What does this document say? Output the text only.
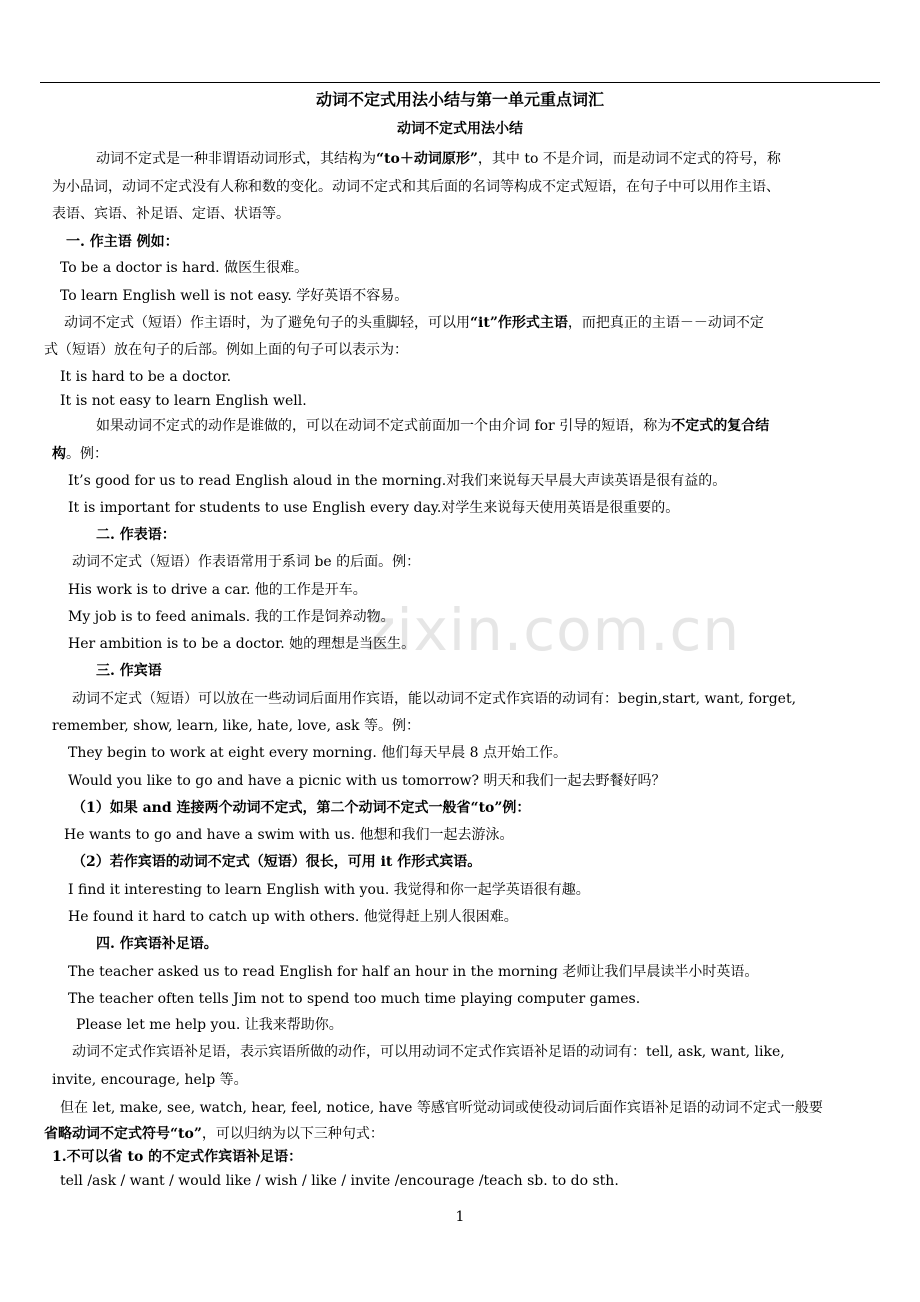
zixin.com.cn
动词不定式用法小结与第一单元重点词汇
动词不定式用法小结
动词不定式是一种非谓语动词形式，其结构为“to＋动词原形”，其中 to 不是介词，而是动词不定式的符号，称
为小品词，动词不定式没有人称和数的变化。动词不定式和其后面的名词等构成不定式短语，在句子中可以用作主语、
表语、宾语、补足语、定语、状语等。
一. 作主语 例如：
To be a doctor is hard. 做医生很难。
To learn English well is not easy. 学好英语不容易。
动词不定式（短语）作主语时，为了避免句子的头重脚轻，可以用“it”作形式主语，而把真正的主语－－动词不定
式（短语）放在句子的后部。例如上面的句子可以表示为：
It is hard to be a doctor.
It is not easy to learn English well.
如果动词不定式的动作是谁做的，可以在动词不定式前面加一个由介词 for 引导的短语，称为不定式的复合结
构。例：
It’s good for us to read English aloud in the morning.对我们来说每天早晨大声读英语是很有益的。
It is important for students to use English every day.对学生来说每天使用英语是很重要的。
二. 作表语：
动词不定式（短语）作表语常用于系词 be 的后面。例：
His work is to drive a car. 他的工作是开车。
My job is to feed animals. 我的工作是饲养动物。
Her ambition is to be a doctor. 她的理想是当医生。
三. 作宾语
动词不定式（短语）可以放在一些动词后面用作宾语，能以动词不定式作宾语的动词有：begin,start, want, forget,
remember, show, learn, like, hate, love, ask 等。例：
They begin to work at eight every morning. 他们每天早晨 8 点开始工作。
Would you like to go and have a picnic with us tomorrow? 明天和我们一起去野餐好吗？
（1）如果 and 连接两个动词不定式，第二个动词不定式一般省“to”例：
He wants to go and have a swim with us. 他想和我们一起去游泳。
（2）若作宾语的动词不定式（短语）很长，可用 it 作形式宾语。
I find it interesting to learn English with you. 我觉得和你一起学英语很有趣。
He found it hard to catch up with others. 他觉得赶上别人很困难。
四. 作宾语补足语。
The teacher asked us to read English for half an hour in the morning 老师让我们早晨读半小时英语。
The teacher often tells Jim not to spend too much time playing computer games.
Please let me help you. 让我来帮助你。
动词不定式作宾语补足语，表示宾语所做的动作，可以用动词不定式作宾语补足语的动词有：tell, ask, want, like,
invite, encourage, help 等。
但在 let, make, see, watch, hear, feel, notice, have 等感官听觉动词或使役动词后面作宾语补足语的动词不定式一般要
省略动词不定式符号“to”，可以归纳为以下三种句式：
1.不可以省 to 的不定式作宾语补足语：
tell /ask / want / would like / wish / like / invite /encourage /teach sb. to do sth.
1
